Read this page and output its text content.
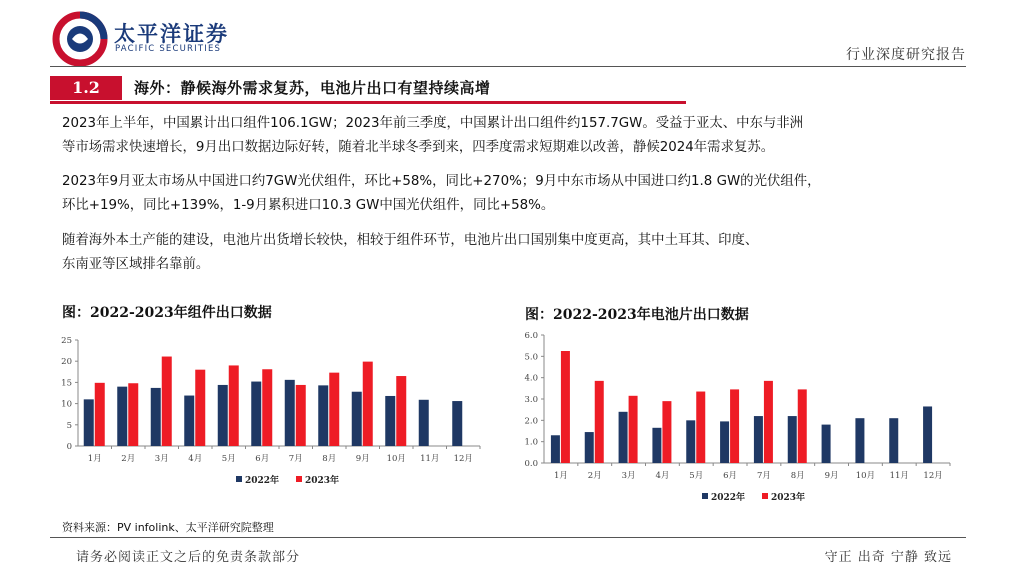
太平洋证券
PACIFIC SECURITIES	行业深度研究报告
1.2	海外：静候海外需求复苏，电池片出口有望持续高增
2023年上半年，中国累计出口组件106.1GW；2023年前三季度，中国累计出口组件约157.7GW。受益于亚太、中东与非洲
等市场需求快速增长，9月出口数据边际好转，随着北半球冬季到来，四季度需求短期难以改善，静候2024年需求复苏。
2023年9月亚太市场从中国进口约7GW光伏组件，环比+58%，同比+270%；9月中东市场从中国进口约1.8 GW的光伏组件，
环比+19%，同比+139%，1-9月累积进口10.3 GW中国光伏组件，同比+58%。
随着海外本土产能的建设，电池片出货增长较快，相较于组件环节，电池片出口国别集中度更高，其中土耳其、印度、
东南亚等区域排名靠前。
图：2022-2023年组件出口数据
0
5
10
15
20
25
1月 2月 3月 4月 5月 6月 7月 8月 9月 10月 11月 12月
2022年	2023年
图：2022-2023年电池片出口数据
0.0
1.0
2.0
3.0
4.0
5.0
6.0
1月 2月 3月 4月 5月 6月 7月 8月 9月 10月 11月 12月
2022年	2023年
资料来源：PV infolink、太平洋研究院整理
请务必阅读正文之后的免责条款部分	守正 出奇 宁静 致远
